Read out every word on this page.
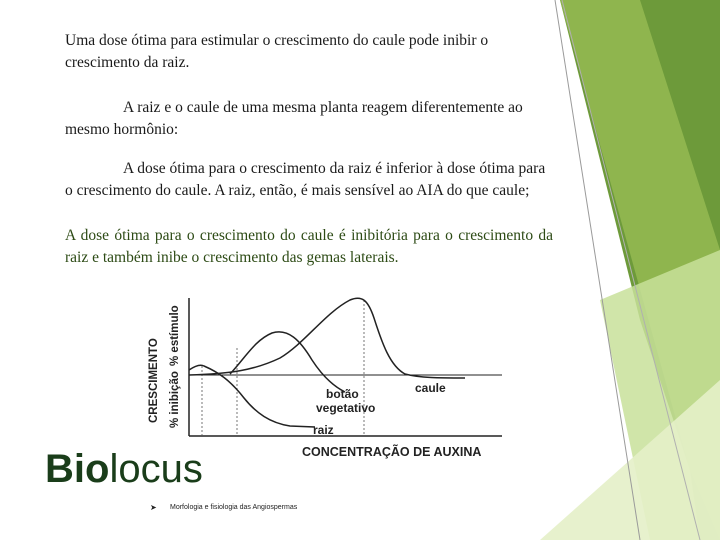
Uma dose ótima para estimular o crescimento do caule pode inibir o crescimento da raiz.

A raiz e o caule de uma mesma planta reagem diferentemente ao mesmo hormônio:

A dose ótima para o crescimento da raiz é inferior à dose ótima para o crescimento do caule. A raiz, então, é mais sensível ao AIA do que caule;

A dose ótima para o crescimento do caule é inibitória para o crescimento da raiz e também inibe o crescimento das gemas laterais.

CRESCIMENTO
% estímulo
% inibição	botão
vegetativo
caule
raiz
CONCENTRAÇÃO DE AUXINA
Biolocus
➤ Morfologia e fisiologia das Angiospermas
